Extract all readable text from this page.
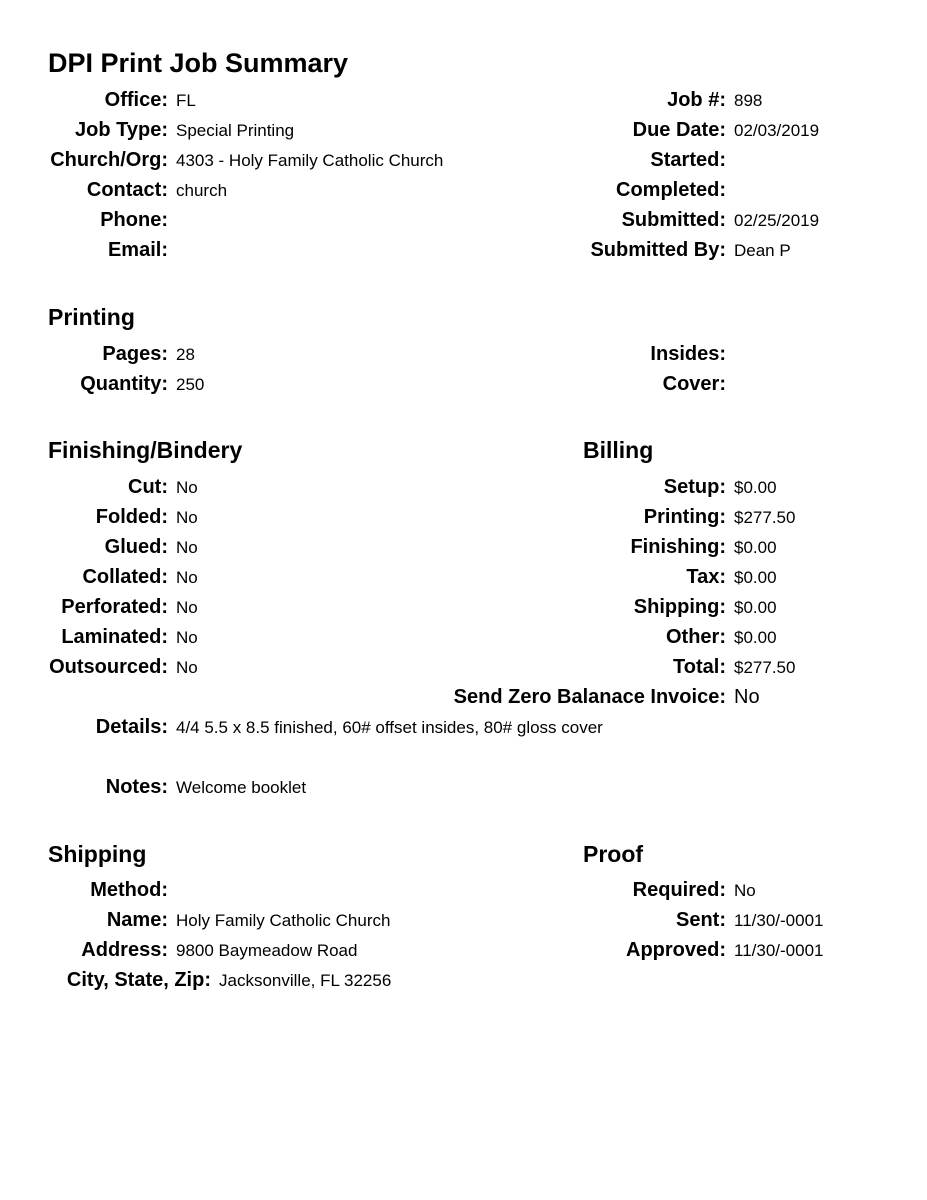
DPI Print Job Summary
Office: FL
Job Type: Special Printing
Church/Org: 4303 - Holy Family Catholic Church
Contact: church
Phone:
Email:
Job #: 898
Due Date: 02/03/2019
Started:
Completed:
Submitted: 02/25/2019
Submitted By: Dean P
Printing
Pages: 28
Quantity: 250
Insides:
Cover:
Finishing/Bindery	Billing
Cut: No
Folded: No
Glued: No
Collated: No
Perforated: No
Laminated: No
Outsourced: No
Setup: $0.00
Printing: $277.50
Finishing: $0.00
Tax: $0.00
Shipping: $0.00
Other: $0.00
Total: $277.50
Send Zero Balanace Invoice: No
Details: 4/4 5.5 x 8.5 finished, 60# offset insides, 80# gloss cover
Notes: Welcome booklet
Shipping	Proof
Method:
Name: Holy Family Catholic Church
Address: 9800 Baymeadow Road
City, State, Zip: Jacksonville, FL 32256
Required: No
Sent: 11/30/-0001
Approved: 11/30/-0001
